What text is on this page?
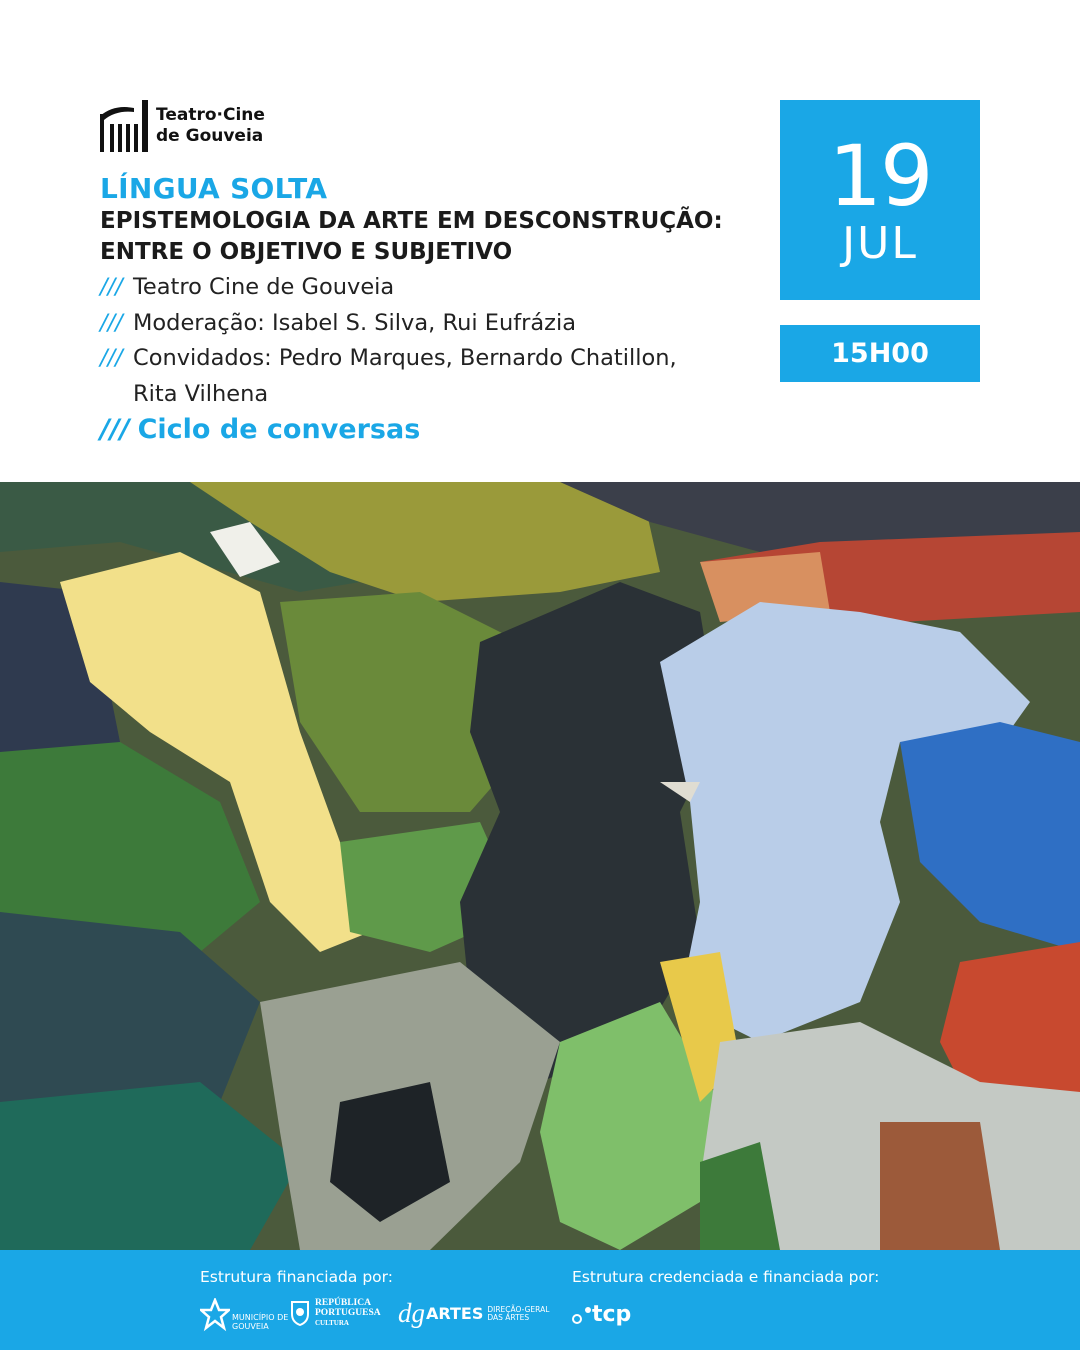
Teatro·Cine
de Gouveia
LÍNGUA SOLTA
EPISTEMOLOGIA DA ARTE EM DESCONSTRUÇÃO:
ENTRE O OBJETIVO E SUBJETIVO
/// Teatro Cine de Gouveia
/// Moderação: Isabel S. Silva, Rui Eufrázia
/// Convidados: Pedro Marques, Bernardo Chatillon,
Rita Vilhena
/// Ciclo de conversas
19
JUL
15H00
Estrutura financiada por:	Estrutura credenciada e financiada por:
MUNICÍPIO DE
GOUVEIA
REPÚBLICA
PORTUGUESA
CULTURA	dg ARTES DIREÇÃO-GERAL
DAS ARTES	tcp
